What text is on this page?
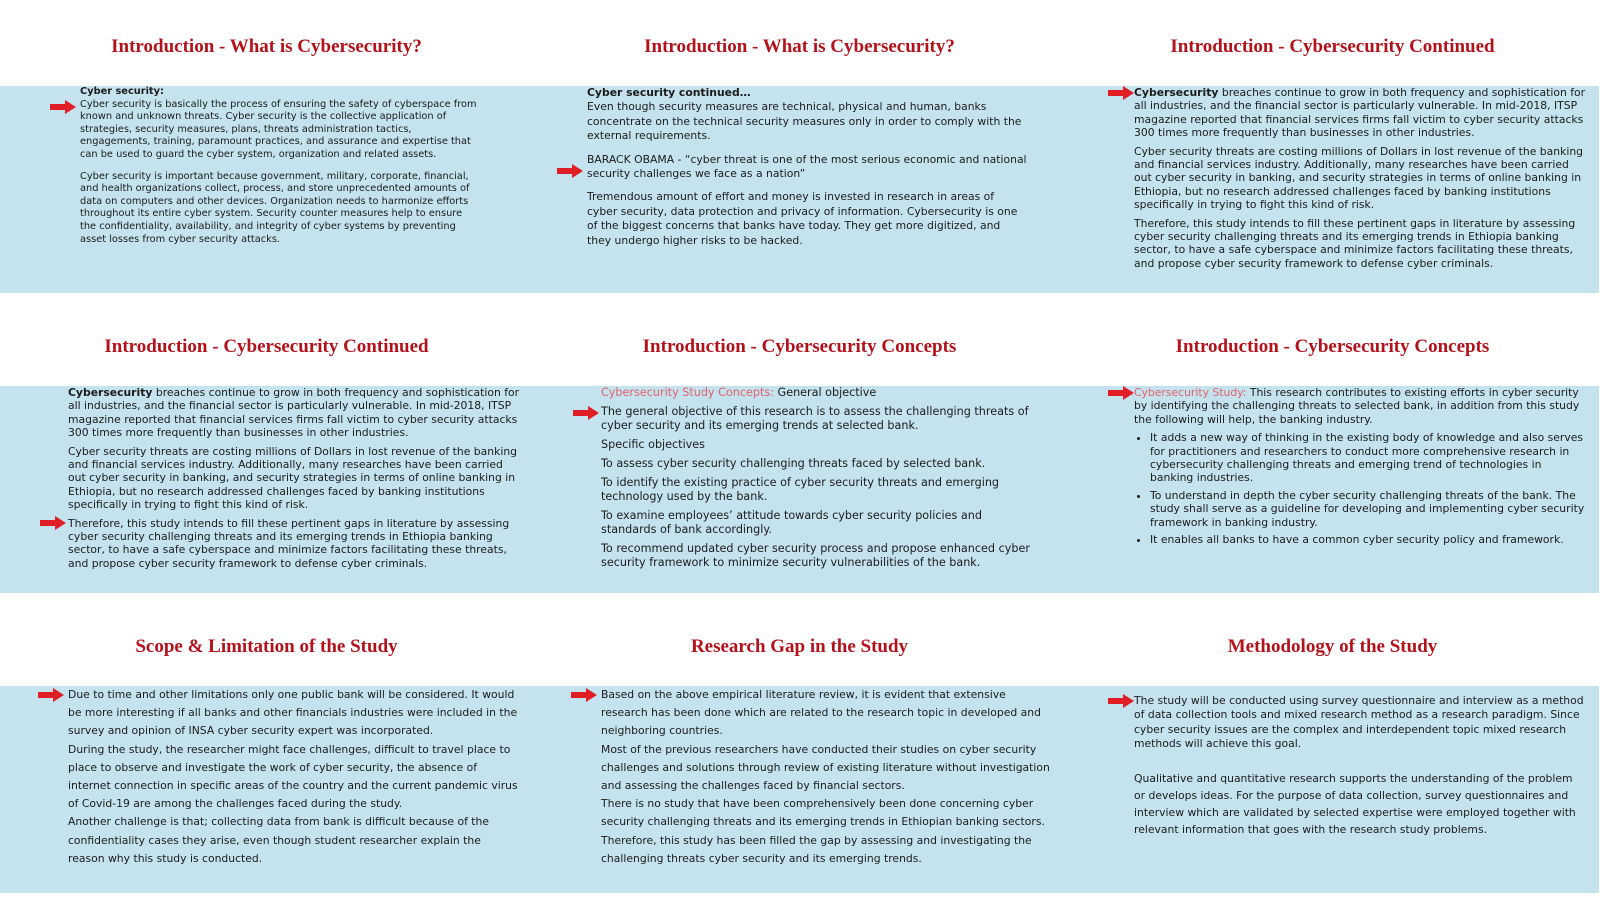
Introduction - What is Cybersecurity?

Cyber security:

Cyber security is basically the process of ensuring the safety of cyberspace from known and unknown threats. Cyber security is the collective application of strategies, security measures, plans, threats administration tactics, engagements, training, paramount practices, and assurance and expertise that can be used to guard the cyber system, organization and related assets.

Cyber security is important because government, military, corporate, financial, and health organizations collect, process, and store unprecedented amounts of data on computers and other devices. Organization needs to harmonize efforts throughout its entire cyber system. Security counter measures help to ensure the confidentiality, availability, and integrity of cyber systems by preventing asset losses from cyber security attacks.

Introduction - What is Cybersecurity?

Cyber security continued…

Even though security measures are technical, physical and human, banks concentrate on the technical security measures only in order to comply with the external requirements.

BARACK OBAMA - “cyber threat is one of the most serious economic and national security challenges we face as a nation”

Tremendous amount of effort and money is invested in research in areas of cyber security, data protection and privacy of information. Cybersecurity is one of the biggest concerns that banks have today. They get more digitized, and they undergo higher risks to be hacked.

Introduction - Cybersecurity Continued

Cybersecurity breaches continue to grow in both frequency and sophistication for all industries, and the financial sector is particularly vulnerable. In mid-2018, ITSP magazine reported that financial services firms fall victim to cyber security attacks 300 times more frequently than businesses in other industries.

Cyber security threats are costing millions of Dollars in lost revenue of the banking and financial services industry. Additionally, many researches have been carried out cyber security in banking, and security strategies in terms of online banking in Ethiopia, but no research addressed challenges faced by banking institutions specifically in trying to fight this kind of risk.

Therefore, this study intends to fill these pertinent gaps in literature by assessing cyber security challenging threats and its emerging trends in Ethiopia banking sector, to have a safe cyberspace and minimize factors facilitating these threats, and propose cyber security framework to defense cyber criminals.

Introduction - Cybersecurity Continued

Cybersecurity breaches continue to grow in both frequency and sophistication for all industries, and the financial sector is particularly vulnerable. In mid-2018, ITSP magazine reported that financial services firms fall victim to cyber security attacks 300 times more frequently than businesses in other industries.

Cyber security threats are costing millions of Dollars in lost revenue of the banking and financial services industry. Additionally, many researches have been carried out cyber security in banking, and security strategies in terms of online banking in Ethiopia, but no research addressed challenges faced by banking institutions specifically in trying to fight this kind of risk.

Therefore, this study intends to fill these pertinent gaps in literature by assessing cyber security challenging threats and its emerging trends in Ethiopia banking sector, to have a safe cyberspace and minimize factors facilitating these threats, and propose cyber security framework to defense cyber criminals.

Introduction - Cybersecurity Concepts

Cybersecurity Study Concepts: General objective

The general objective of this research is to assess the challenging threats of cyber security and its emerging trends at selected bank.

Specific objectives

To assess cyber security challenging threats faced by selected bank.

To identify the existing practice of cyber security threats and emerging technology used by the bank.

To examine employees’ attitude towards cyber security policies and standards of bank accordingly.

To recommend updated cyber security process and propose enhanced cyber security framework to minimize security vulnerabilities of the bank.

Introduction - Cybersecurity Concepts

Cybersecurity Study: This research contributes to existing efforts in cyber security by identifying the challenging threats to selected bank, in addition from this study the following will help, the banking industry.

• It adds a new way of thinking in the existing body of knowledge and also serves for practitioners and researchers to conduct more comprehensive research in cybersecurity challenging threats and emerging trend of technologies in banking industries.
• To understand in depth the cyber security challenging threats of the bank. The study shall serve as a guideline for developing and implementing cyber security framework in banking industry.
• It enables all banks to have a common cyber security policy and framework.
Scope & Limitation of the Study

Due to time and other limitations only one public bank will be considered. It would be more interesting if all banks and other financials industries were included in the survey and opinion of INSA cyber security expert was incorporated.

During the study, the researcher might face challenges, difficult to travel place to place to observe and investigate the work of cyber security, the absence of internet connection in specific areas of the country and the current pandemic virus of Covid-19 are among the challenges faced during the study.

Another challenge is that; collecting data from bank is difficult because of the confidentiality cases they arise, even though student researcher explain the reason why this study is conducted.

Research Gap in the Study

Based on the above empirical literature review, it is evident that extensive research has been done which are related to the research topic in developed and neighboring countries.

Most of the previous researchers have conducted their studies on cyber security challenges and solutions through review of existing literature without investigation and assessing the challenges faced by financial sectors.

There is no study that have been comprehensively been done concerning cyber security challenging threats and its emerging trends in Ethiopian banking sectors. Therefore, this study has been filled the gap by assessing and investigating the challenging threats cyber security and its emerging trends.

Methodology of the Study

The study will be conducted using survey questionnaire and interview as a method of data collection tools and mixed research method as a research paradigm. Since cyber security issues are the complex and interdependent topic mixed research methods will achieve this goal.

Qualitative and quantitative research supports the understanding of the problem or develops ideas. For the purpose of data collection, survey questionnaires and interview which are validated by selected expertise were employed together with relevant information that goes with the research study problems.
